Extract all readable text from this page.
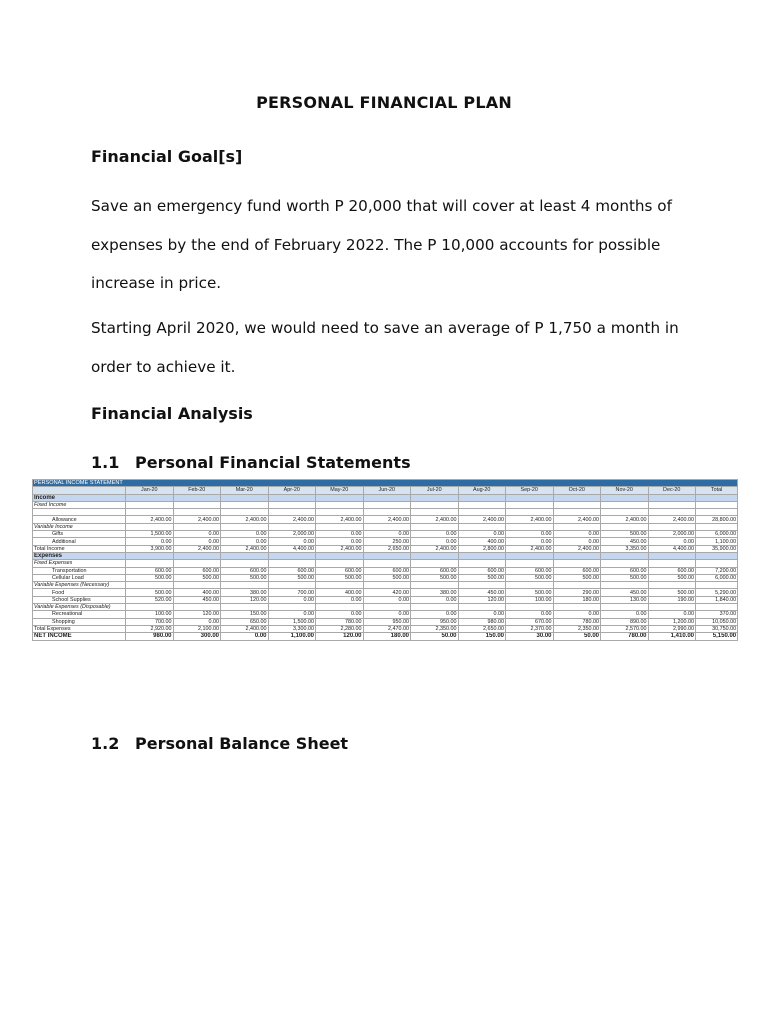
PERSONAL FINANCIAL PLAN
Financial Goal[s]
Save an emergency fund worth P 20,000 that will cover at least 4 months of expenses by the end of February 2022. The P 10,000 accounts for possible increase in price.
Starting April 2020, we would need to save an average of P 1,750 a month in order to achieve it.
Financial Analysis
1.1 Personal Financial Statements
PERSONAL INCOME STATEMENT													
	Jan-20	Feb-20	Mar-20	Apr-20	May-20	Jun-20	Jul-20	Aug-20	Sep-20	Oct-20	Nov-20	Dec-20	Total
Income													
Fixed Income													

Allowance	2,400.00	2,400.00	2,400.00	2,400.00	2,400.00	2,400.00	2,400.00	2,400.00	2,400.00	2,400.00	2,400.00	2,400.00	28,800.00
Variable Income													
Gifts	1,500.00	0.00	0.00	2,000.00	0.00	0.00	0.00	0.00	0.00	0.00	500.00	2,000.00	6,000.00
Additional	0.00	0.00	0.00	0.00	0.00	250.00	0.00	400.00	0.00	0.00	450.00	0.00	1,100.00
Total Income	3,900.00	2,400.00	2,400.00	4,400.00	2,400.00	2,650.00	2,400.00	2,800.00	2,400.00	2,400.00	3,350.00	4,400.00	35,900.00
Expenses													
Fixed Expenses													
Transportation	600.00	600.00	600.00	600.00	600.00	600.00	600.00	600.00	600.00	600.00	600.00	600.00	7,200.00
Cellular Load	500.00	500.00	500.00	500.00	500.00	500.00	500.00	500.00	500.00	500.00	500.00	500.00	6,000.00
Variable Expenses (Necessary)													
Food	500.00	400.00	380.00	700.00	400.00	420.00	380.00	450.00	500.00	290.00	450.00	500.00	5,290.00
School Supplies	520.00	450.00	120.00	0.00	0.00	0.00	0.00	120.00	100.00	180.00	130.00	190.00	1,840.00
Variable Expenses (Disposable)													
Recreational	100.00	120.00	150.00	0.00	0.00	0.00	0.00	0.00	0.00	0.00	0.00	0.00	370.00
Shopping	700.00	0.00	650.00	1,500.00	780.00	950.00	950.00	980.00	670.00	780.00	890.00	1,200.00	10,050.00
Total Expenses	2,920.00	2,100.00	2,400.00	3,300.00	2,280.00	2,470.00	2,350.00	2,650.00	2,370.00	2,350.00	2,570.00	2,990.00	30,750.00
NET INCOME	980.00	300.00	0.00	1,100.00	120.00	180.00	50.00	150.00	30.00	50.00	780.00	1,410.00	5,150.00
1.2 Personal Balance Sheet
